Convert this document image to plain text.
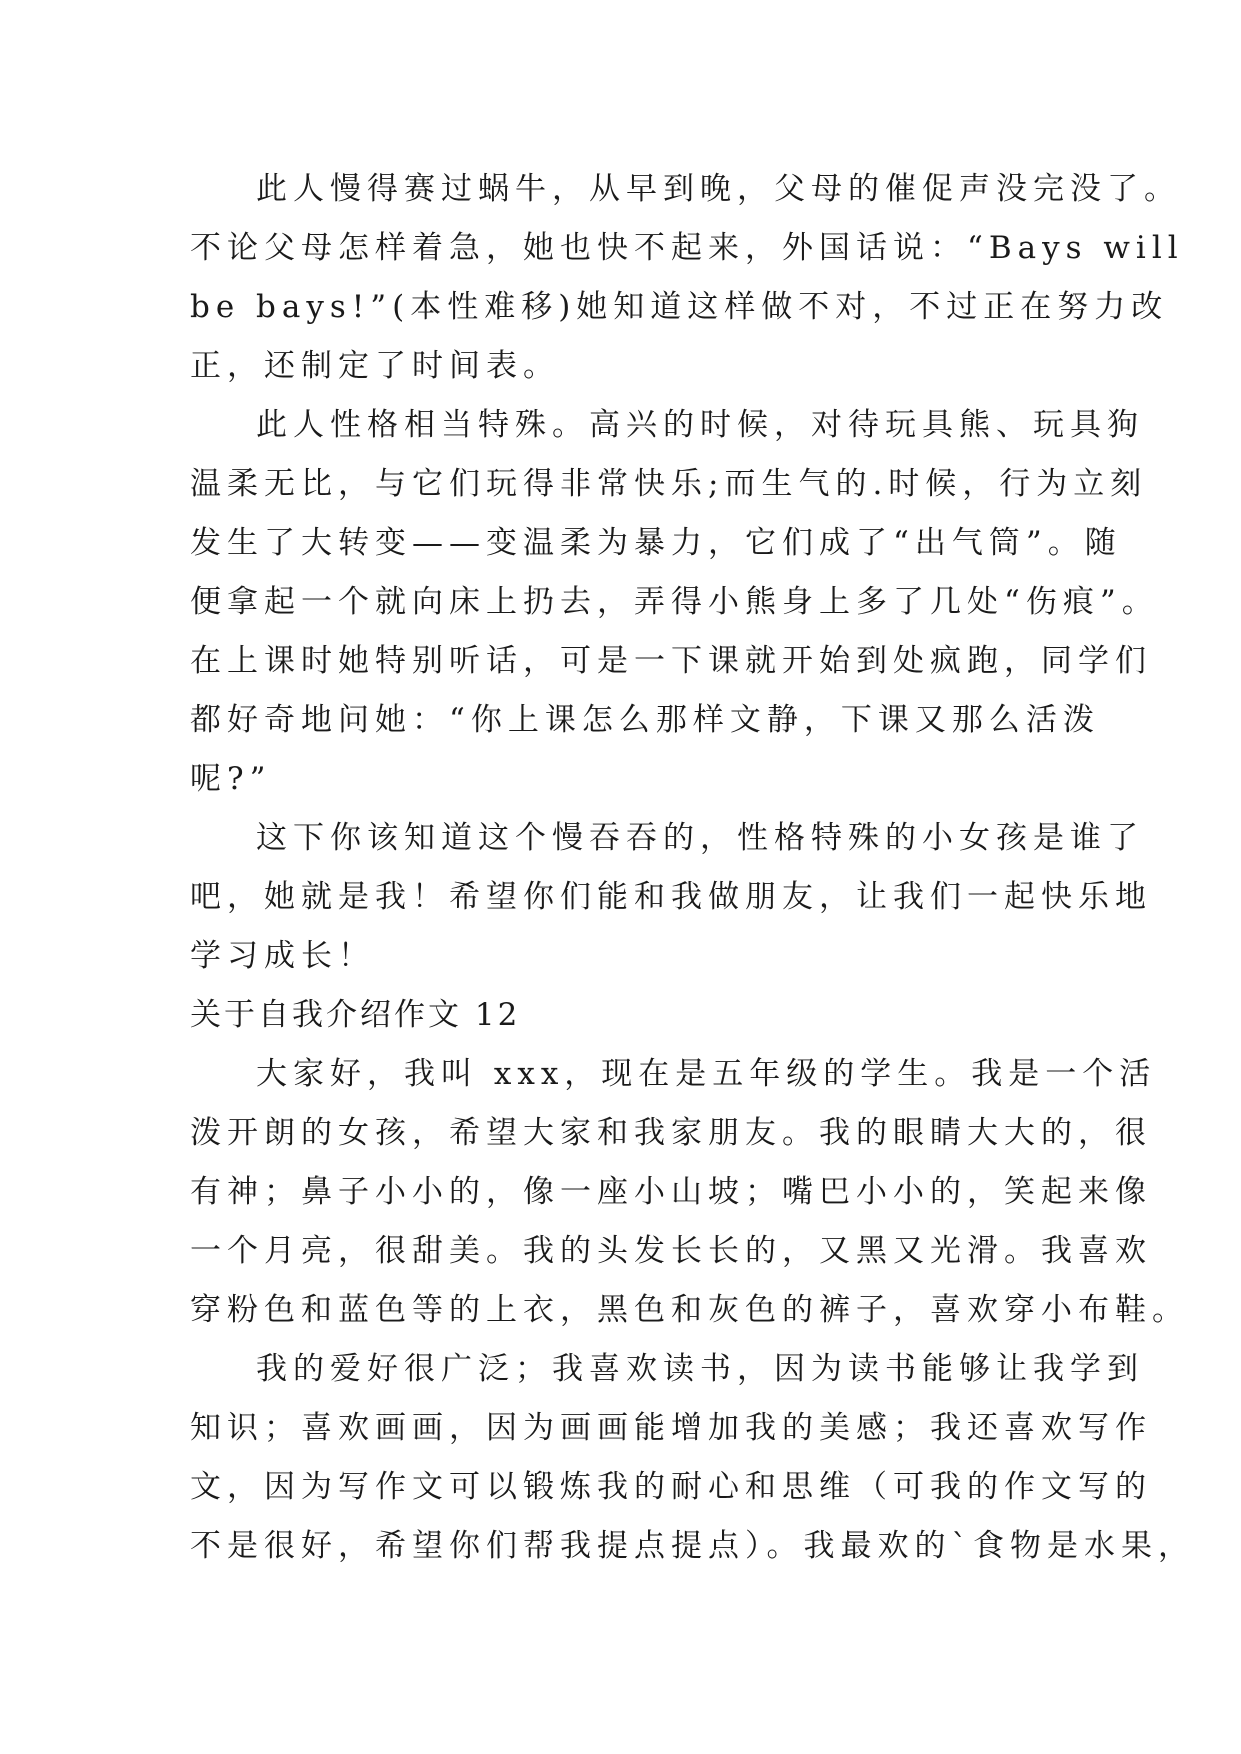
此人慢得赛过蜗牛，从早到晚，父母的催促声没完没了。
不论父母怎样着急，她也快不起来，外国话说：“Bays will
be bays!”(本性难移)她知道这样做不对，不过正在努力改
正，还制定了时间表。
此人性格相当特殊。高兴的时候，对待玩具熊、玩具狗
温柔无比，与它们玩得非常快乐;而生气的.时候，行为立刻
发生了大转变——变温柔为暴力，它们成了“出气筒”。随
便拿起一个就向床上扔去，弄得小熊身上多了几处“伤痕”。
在上课时她特别听话，可是一下课就开始到处疯跑，同学们
都好奇地问她：“你上课怎么那样文静，下课又那么活泼
呢?”
这下你该知道这个慢吞吞的，性格特殊的小女孩是谁了
吧，她就是我！希望你们能和我做朋友，让我们一起快乐地
学习成长！
关于自我介绍作文 12
大家好，我叫 xxx，现在是五年级的学生。我是一个活
泼开朗的女孩，希望大家和我家朋友。我的眼睛大大的，很
有神；鼻子小小的，像一座小山坡；嘴巴小小的，笑起来像
一个月亮，很甜美。我的头发长长的，又黑又光滑。我喜欢
穿粉色和蓝色等的上衣，黑色和灰色的裤子，喜欢穿小布鞋。
我的爱好很广泛；我喜欢读书，因为读书能够让我学到
知识；喜欢画画，因为画画能增加我的美感；我还喜欢写作
文，因为写作文可以锻炼我的耐心和思维（可我的作文写的
不是很好，希望你们帮我提点提点）。我最欢的`食物是水果，
